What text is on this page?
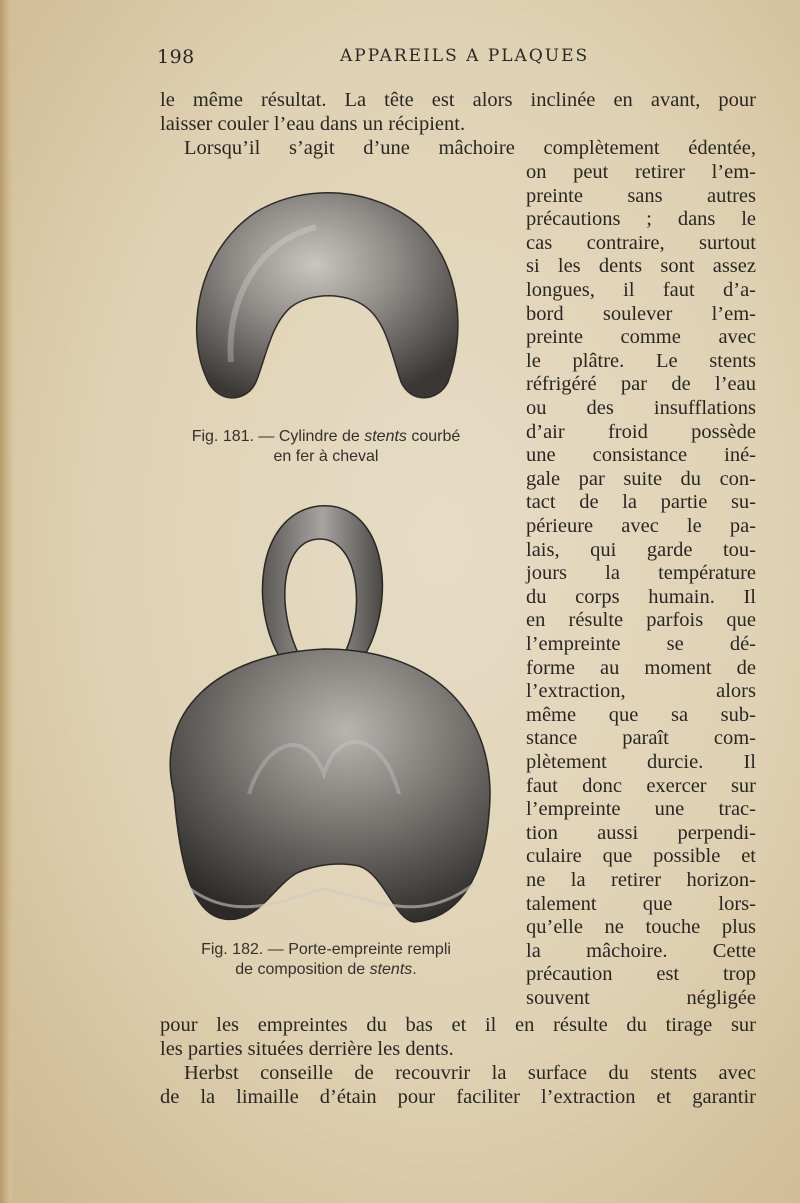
198	APPAREILS A PLAQUES
le même résultat. La tête est alors inclinée en avant, pour
laisser couler l’eau dans un récipient.
Lorsqu’il s’agit d’une mâchoire complètement édentée,
on peut retirer l’em-
preinte sans autres
précautions ; dans le
cas contraire, surtout
si les dents sont assez
longues, il faut d’a-
bord soulever l’em-
preinte comme avec
le plâtre. Le stents
réfrigéré par de l’eau
ou des insufflations
d’air froid possède
une consistance iné-
gale par suite du con-
tact de la partie su-
périeure avec le pa-
lais, qui garde tou-
jours la température
du corps humain. Il
en résulte parfois que
l’empreinte se dé-
forme au moment de
l’extraction, alors
même que sa sub-
stance paraît com-
plètement durcie. Il
faut donc exercer sur
l’empreinte une trac-
tion aussi perpendi-
culaire que possible et
ne la retirer horizon-
talement que lors-
qu’elle ne touche plus
la mâchoire. Cette
précaution est trop
souvent négligée
pour les empreintes du bas et il en résulte du tirage sur
les parties situées derrière les dents.
Herbst conseille de recouvrir la surface du stents avec
de la limaille d’étain pour faciliter l’extraction et garantir
Fig. 181. — Cylindre de stents courbé
en fer à cheval
Fig. 182. — Porte-empreinte rempli
de composition de stents.
